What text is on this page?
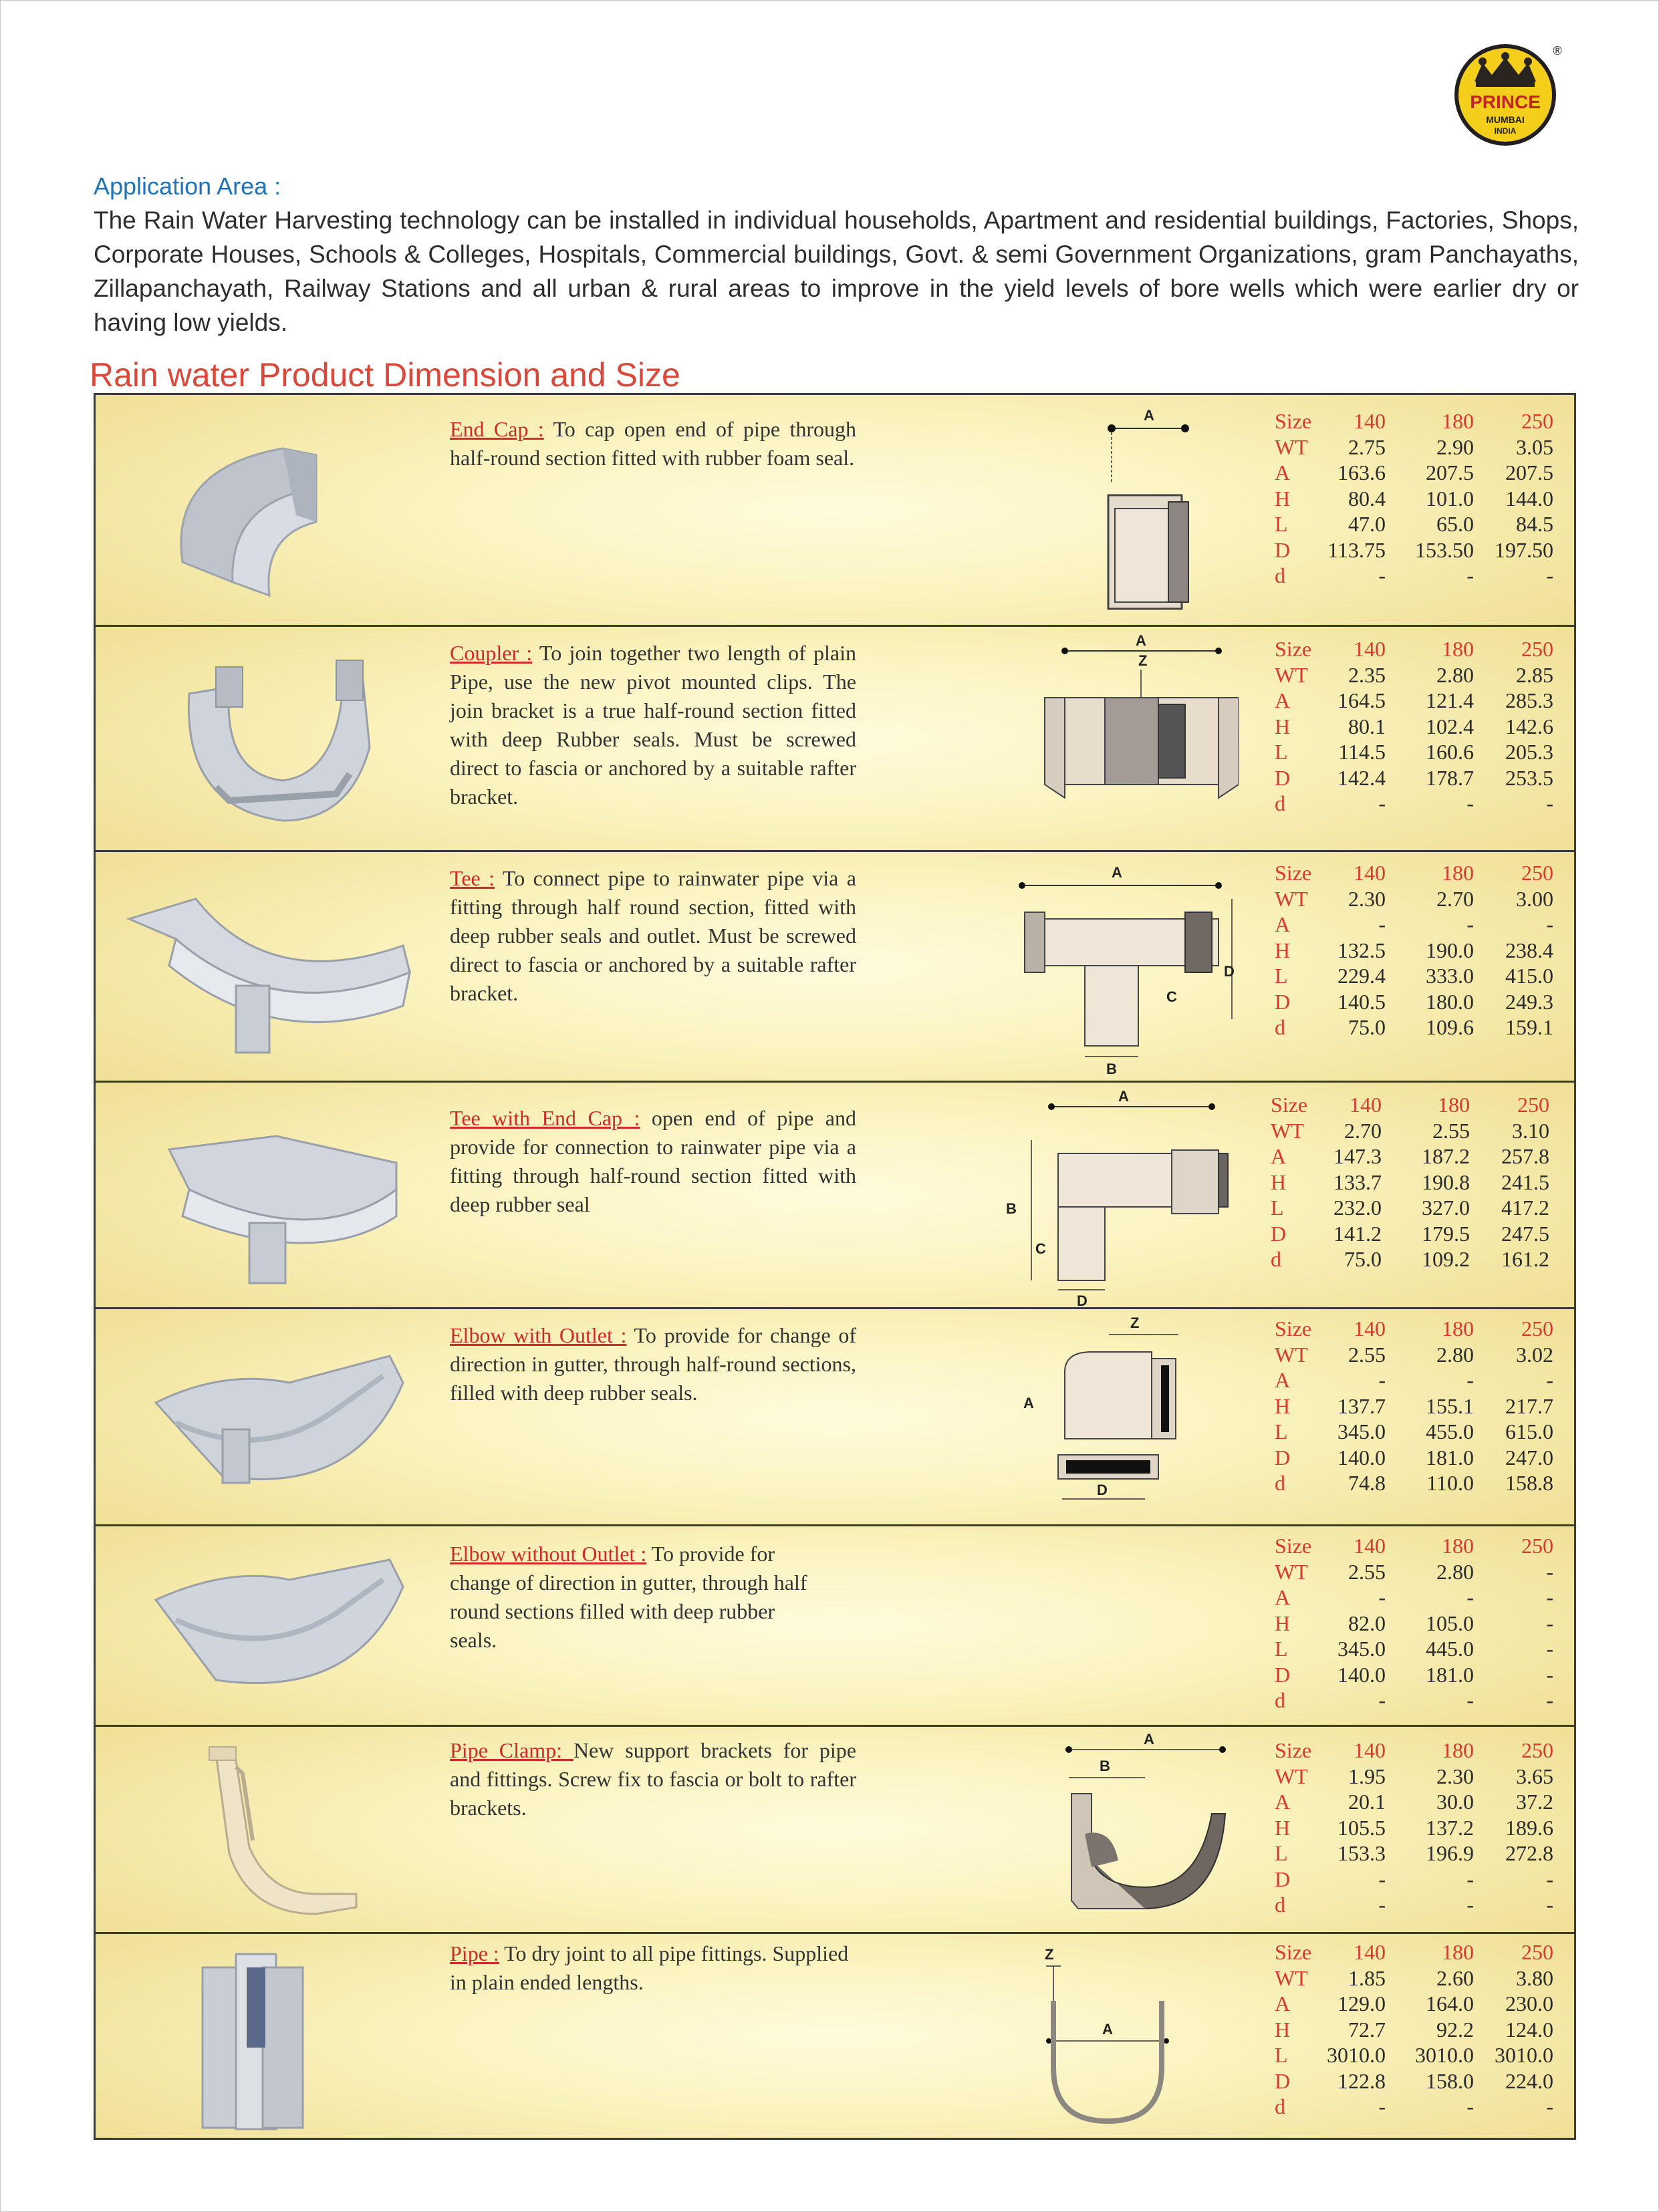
PRINCE
MUMBAI
INDIA
®
Application Area :
The Rain Water Harvesting technology can be installed in individual households, Apartment and residential buildings, Factories, Shops, Corporate Houses, Schools & Colleges, Hospitals, Commercial buildings, Govt. & semi Government Organizations, gram Panchayaths, Zillapanchayath, Railway Stations and all urban & rural areas to improve in the yield levels of bore wells which were earlier dry or having low yields.
Rain water Product Dimension and Size
End Cap : To cap open end of pipe through half-round section fitted with rubber foam seal.
A	Size	140	180	250
WT	2.75	2.90	3.05
A	163.6	207.5	207.5
H	80.4	101.0	144.0
L	47.0	65.0	84.5
D	113.75	153.50 197.50
d	-	-	-
Coupler : To join together two length of plain Pipe, use the new pivot mounted clips. The join bracket is a true half-round section fitted with deep Rubber seals. Must be screwed direct to fascia or anchored by a suitable rafter bracket.
A
Z	Size	140	180	250
WT	2.35	2.80	2.85
A	164.5	121.4	285.3
H	80.1	102.4	142.6
L	114.5	160.6	205.3
D	142.4	178.7	253.5
d	-	-	-
Tee : To connect pipe to rainwater pipe via a fitting through half round section, fitted with deep rubber seals and outlet. Must be screwed direct to fascia or anchored by a suitable rafter bracket.
A
D
C
B
Size	140	180	250
WT	2.30	2.70	3.00
A	-	-	-
H	132.5	190.0	238.4
L	229.4	333.0	415.0
D	140.5	180.0	249.3
d	75.0	109.6	159.1
Tee with End Cap : open end of pipe and provide for connection to rainwater pipe via a fitting through half-round section fitted with deep rubber seal
A
B
C
D
Size	140	180	250
WT	2.70	2.55	3.10
A	147.3	187.2	257.8
H	133.7	190.8	241.5
L	232.0	327.0	417.2
D	141.2	179.5	247.5
d	75.0	109.2	161.2
Elbow with Outlet : To provide for change of direction in gutter, through half-round sections, filled with deep rubber seals.
Z
A
D
Size	140	180	250
WT	2.55	2.80	3.02
A	-	-	-
H	137.7	155.1	217.7
L	345.0	455.0	615.0
D	140.0	181.0	247.0
d	74.8	110.0	158.8
Elbow without Outlet : To provide for change of direction in gutter, through half round sections filled with deep rubber seals.
Size	140	180	250
WT	2.55	2.80	-
A	-	-	-
H	82.0	105.0	-
L	345.0	445.0	-
D	140.0	181.0	-
d	-	-	-
Pipe Clamp: New support brackets for pipe and fittings. Screw fix to fascia or bolt to rafter brackets.
A
B
Size	140	180	250
WT	1.95	2.30	3.65
A	20.1	30.0	37.2
H	105.5	137.2	189.6
L	153.3	196.9	272.8
D	-	-	-
d	-	-	-
Pipe : To dry joint to all pipe fittings. Supplied in plain ended lengths.
Z
A
Size	140	180	250
WT	1.85	2.60	3.80
A	129.0	164.0	230.0
H	72.7	92.2	124.0
L	3010.0	3010.0 3010.0
D	122.8	158.0	224.0
d	-	-	-
